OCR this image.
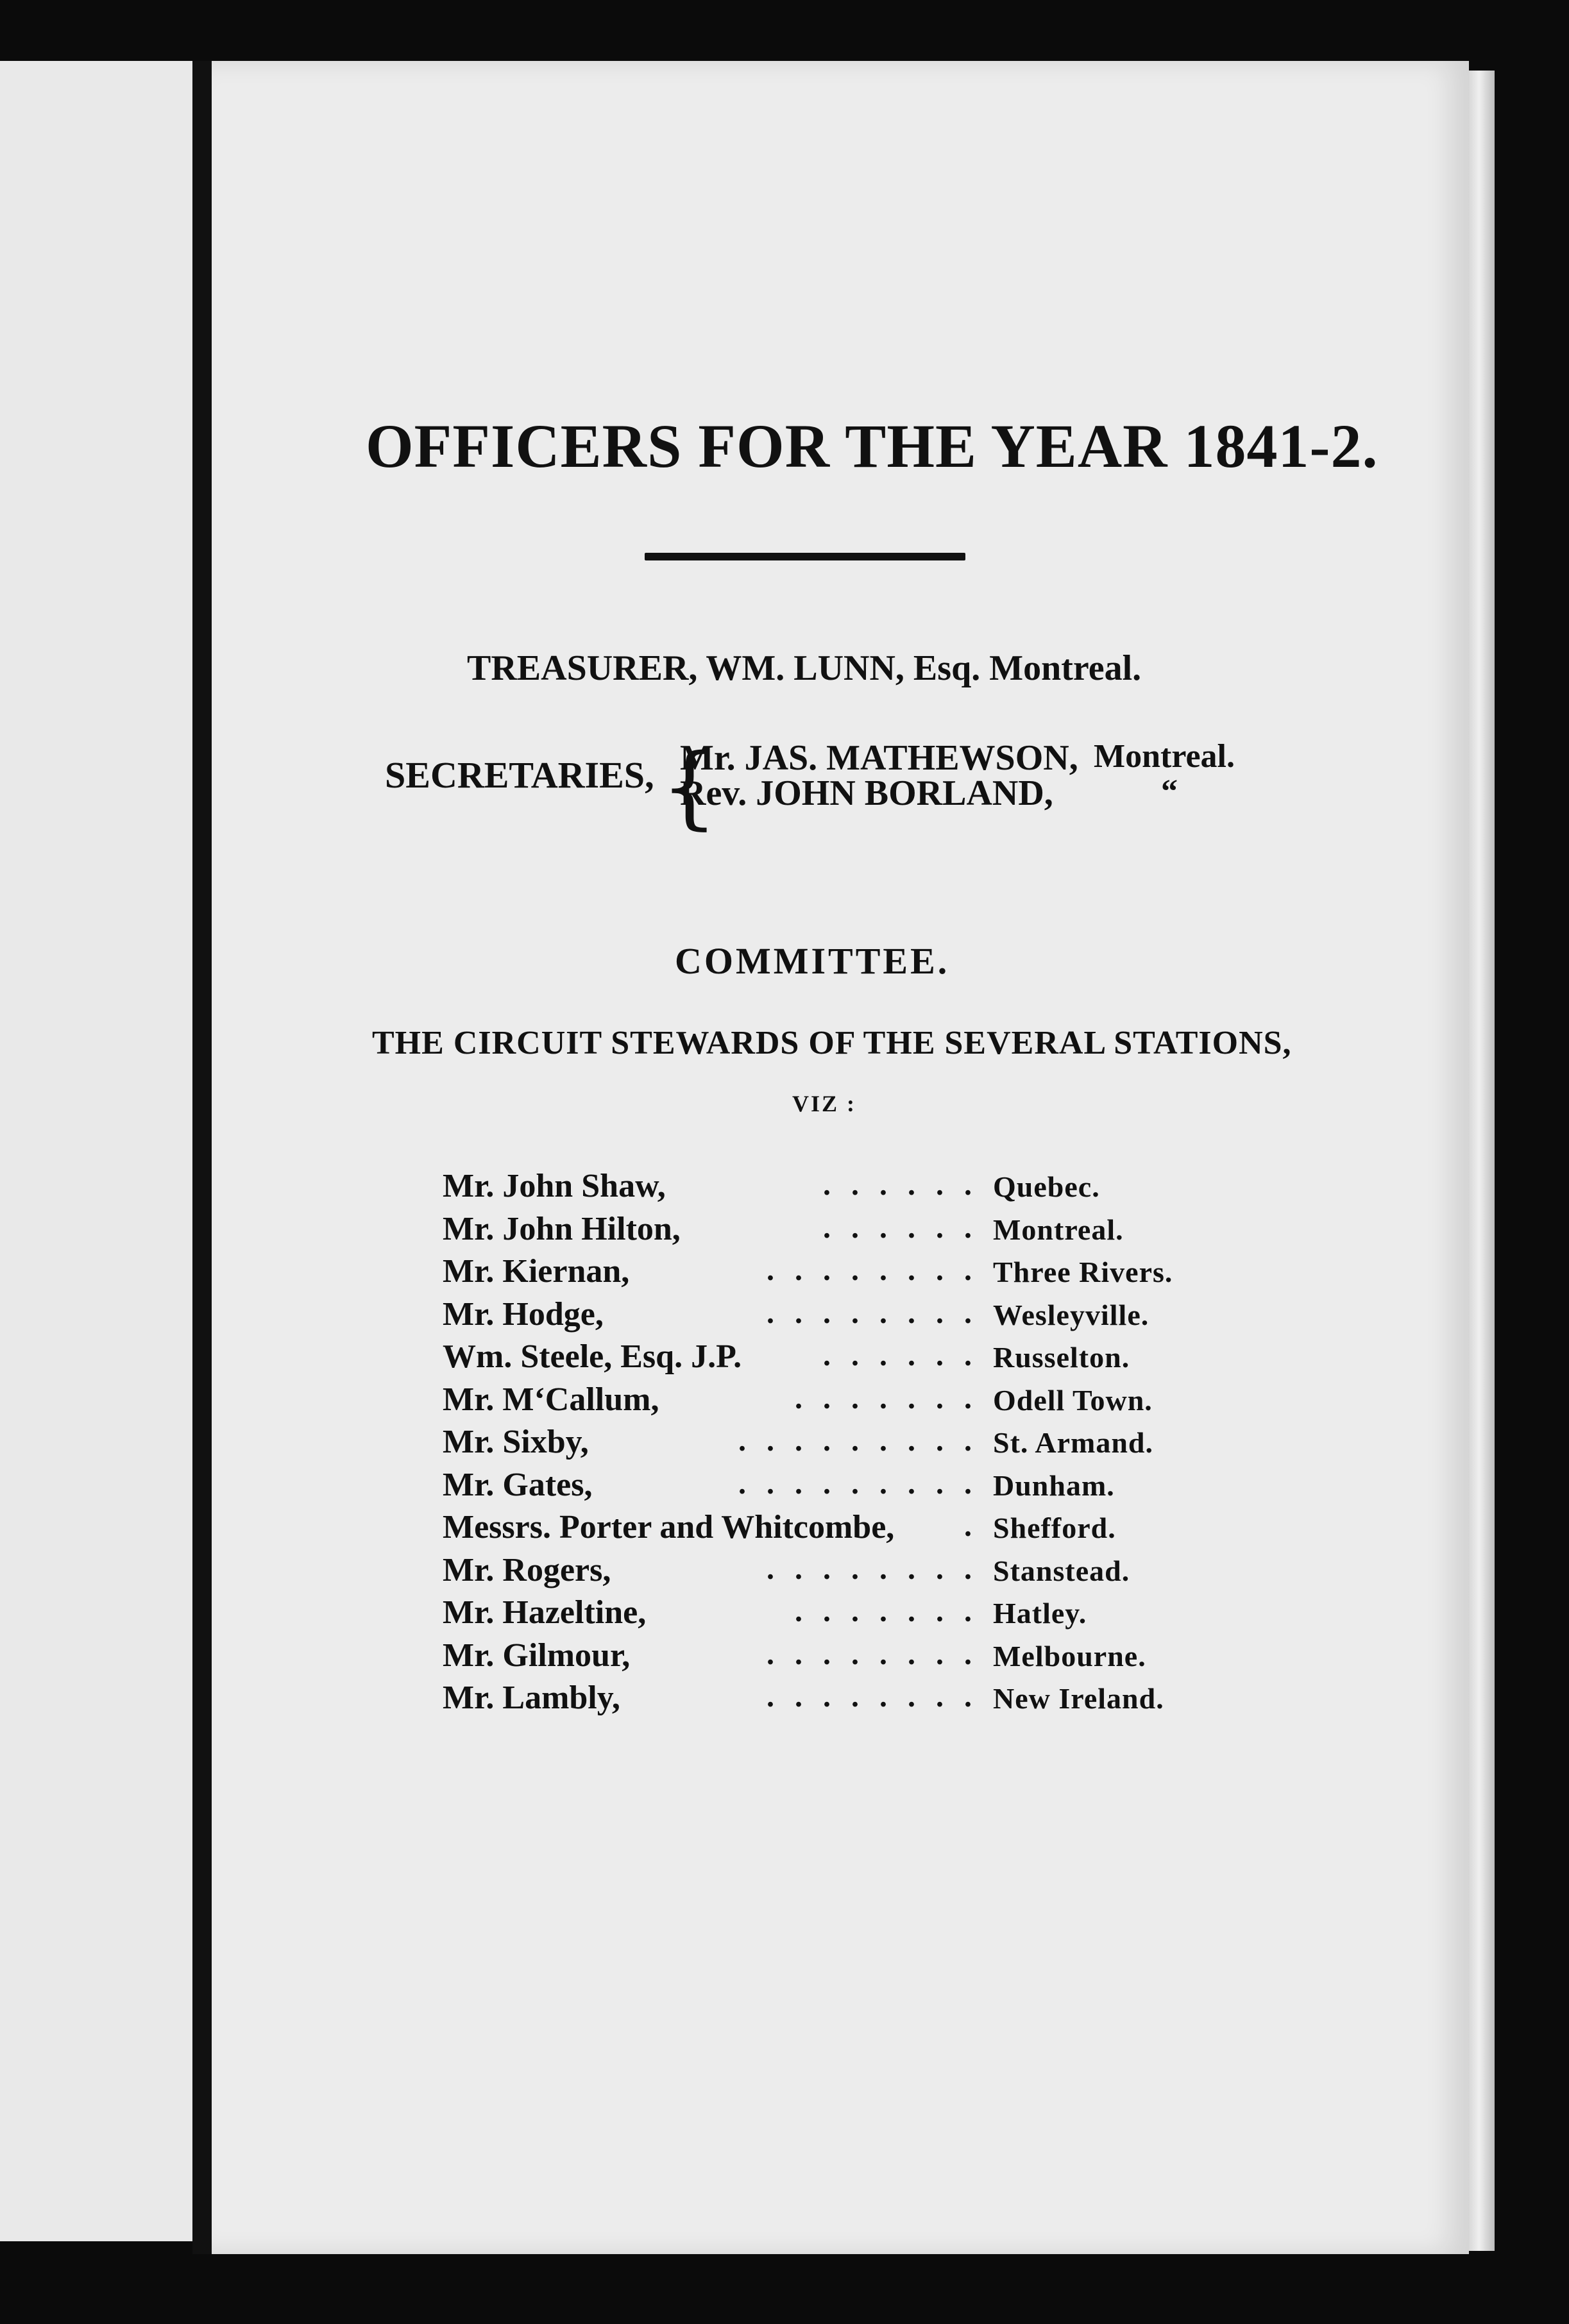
OFFICERS FOR THE YEAR 1841-2.
TREASURER, WM. LUNN, Esq. Montreal.
SECRETARIES, {
Mr. JAS. MATHEWSON, Montreal.
Rev. JOHN BORLAND,	“
COMMITTEE.
THE CIRCUIT STEWARDS OF THE SEVERAL STATIONS,
VIZ :
Mr. John Shaw,	. . . . . . Quebec.
Mr. John Hilton,	. . . . . . Montreal.
Mr. Kiernan,	. . . . . . . . Three Rivers.
Mr. Hodge,	. . . . . . . . Wesleyville.
Wm. Steele, Esq. J.P.	. . . . . . Russelton.
Mr. M‘Callum,	. . . . . . . Odell Town.
Mr. Sixby,	. . . . . . . . . St. Armand.
Mr. Gates,	. . . . . . . . . Dunham.
Messrs. Porter and Whitcombe, . Shefford.
Mr. Rogers,	. . . . . . . . Stanstead.
Mr. Hazeltine,	. . . . . . . Hatley.
Mr. Gilmour,	. . . . . . . . Melbourne.
Mr. Lambly,	. . . . . . . . New Ireland.
